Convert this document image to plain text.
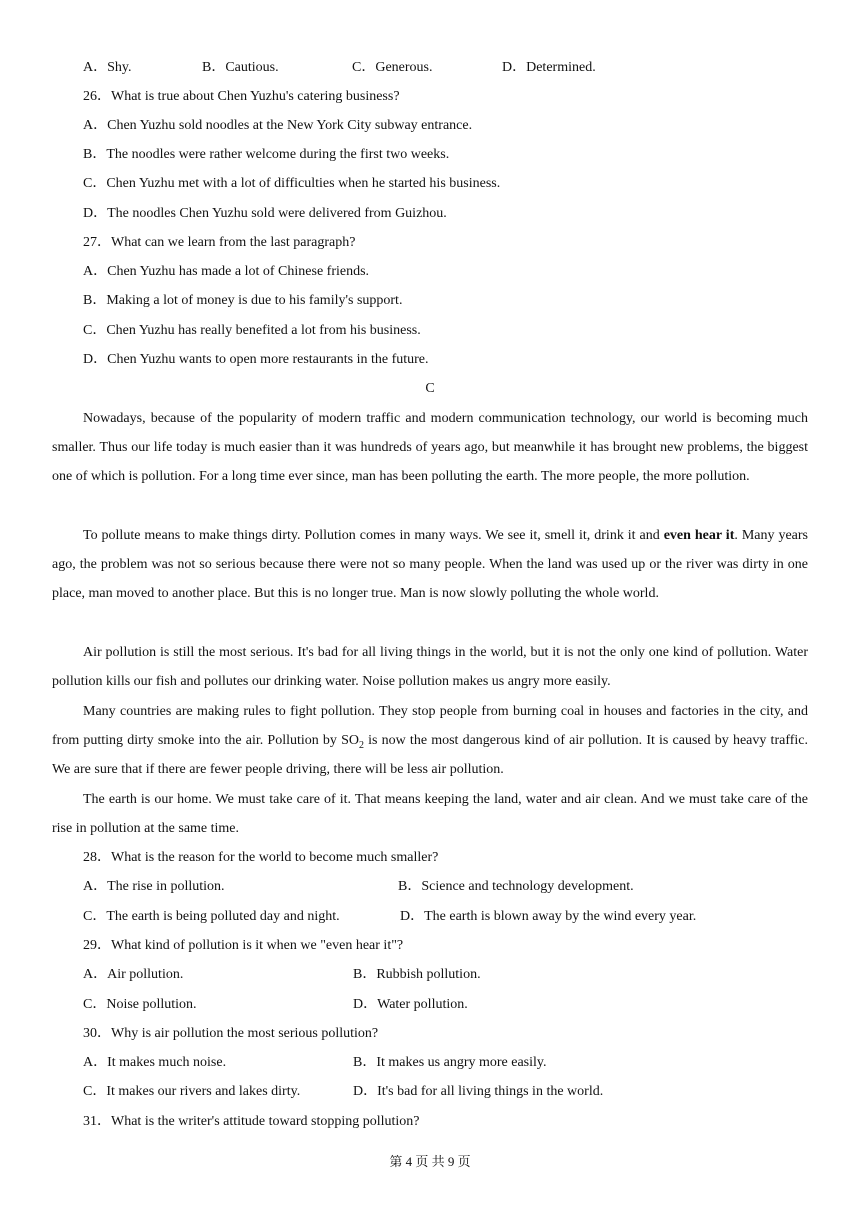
A．Shy.	B．Cautious.	C．Generous.	D．Determined.
26．What is true about Chen Yuzhu's catering business?
A．Chen Yuzhu sold noodles at the New York City subway entrance.
B．The noodles were rather welcome during the first two weeks.
C．Chen Yuzhu met with a lot of difficulties when he started his business.
D．The noodles Chen Yuzhu sold were delivered from Guizhou.
27．What can we learn from the last paragraph?
A．Chen Yuzhu has made a lot of Chinese friends.
B．Making a lot of money is due to his family's support.
C．Chen Yuzhu has really benefited a lot from his business.
D．Chen Yuzhu wants to open more restaurants in the future.
C
Nowadays, because of the popularity of modern traffic and modern communication technology, our world is becoming much smaller. Thus our life today is much easier than it was hundreds of years ago, but meanwhile it has brought new problems, the biggest one of which is pollution. For a long time ever since, man has been polluting the earth. The more people, the more pollution.
To pollute means to make things dirty. Pollution comes in many ways. We see it, smell it, drink it and even hear it. Many years ago, the problem was not so serious because there were not so many people. When the land was used up or the river was dirty in one place, man moved to another place. But this is no longer true. Man is now slowly polluting the whole world.
Air pollution is still the most serious. It's bad for all living things in the world, but it is not the only one kind of pollution. Water pollution kills our fish and pollutes our drinking water. Noise pollution makes us angry more easily.
Many countries are making rules to fight pollution. They stop people from burning coal in houses and factories in the city, and from putting dirty smoke into the air. Pollution by $SO_2$ is now the most dangerous kind of air pollution. It is caused by heavy traffic. We are sure that if there are fewer people driving, there will be less air pollution.
The earth is our home. We must take care of it. That means keeping the land, water and air clean. And we must take care of the rise in pollution at the same time.
28．What is the reason for the world to become much smaller?
A．The rise in pollution.	B．Science and technology development.
C．The earth is being polluted day and night.	D．The earth is blown away by the wind every year.
29．What kind of pollution is it when we "even hear it"?
A．Air pollution.	B．Rubbish pollution.
C．Noise pollution.	D．Water pollution.
30．Why is air pollution the most serious pollution?
A．It makes much noise.	B．It makes us angry more easily.
C．It makes our rivers and lakes dirty.	D．It's bad for all living things in the world.
31．What is the writer's attitude toward stopping pollution?
第 4 页 共 9 页
